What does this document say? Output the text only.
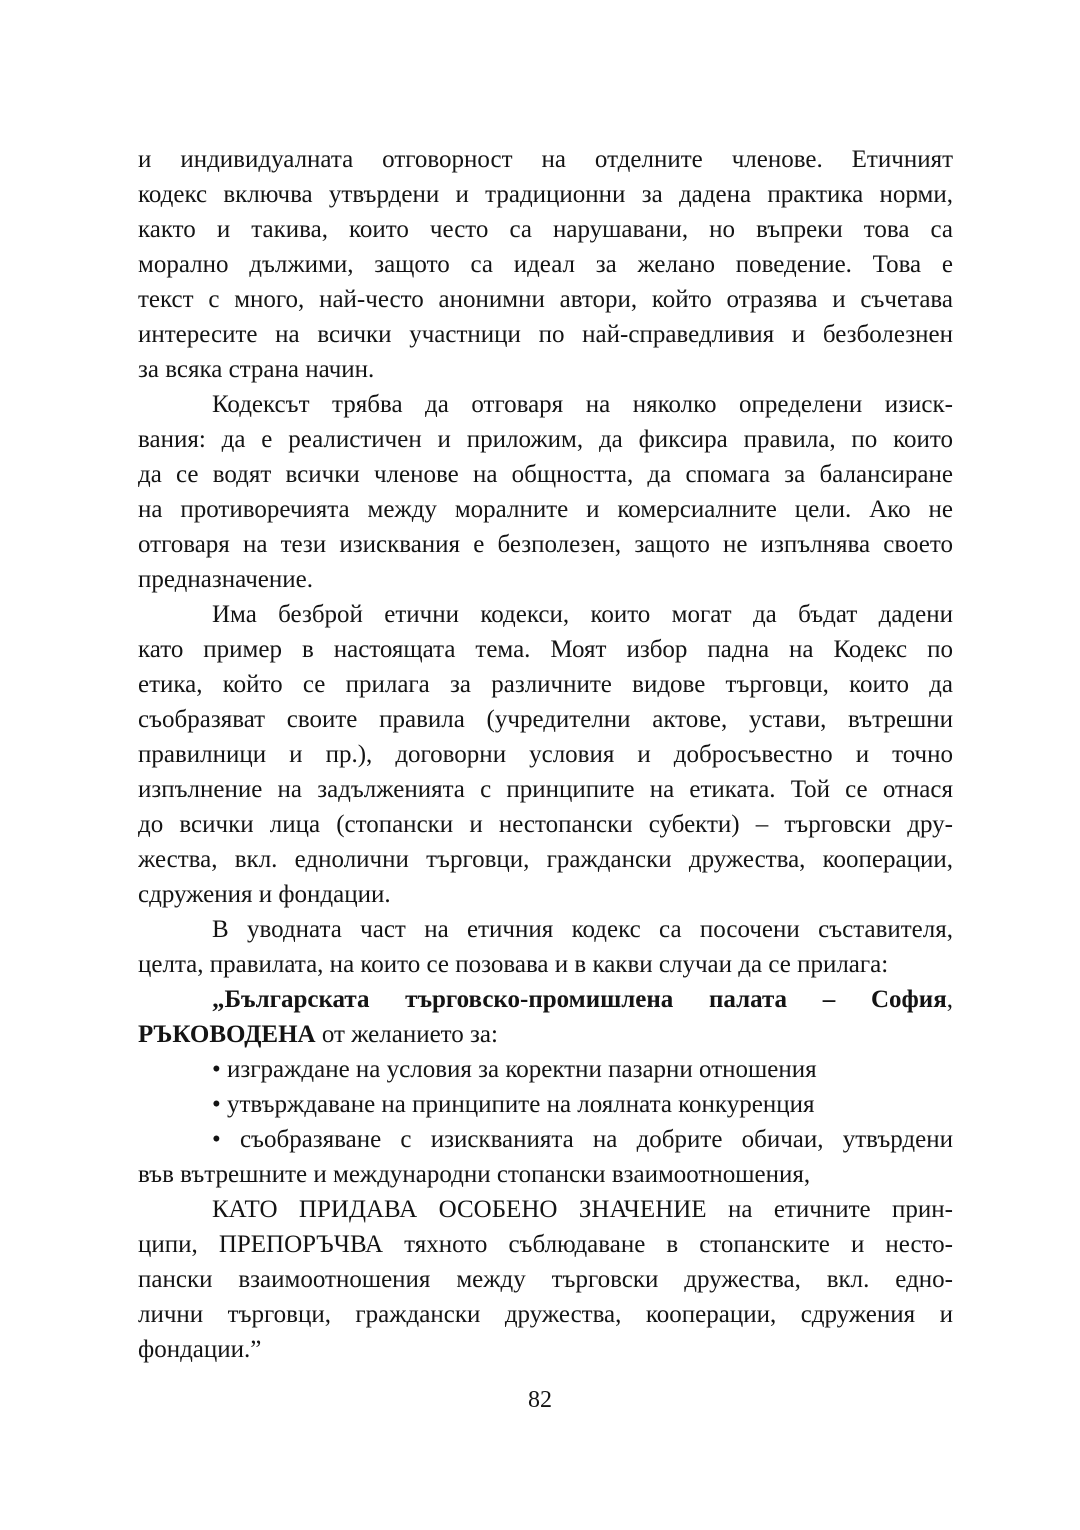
и индивидуалната отговорност на отделните членове. Етичният
кодекс включва утвърдени и традиционни за дадена практика норми,
както и такива, които често са нарушавани, но въпреки това са
морално дължими, защото са идеал за желано поведение. Това е
текст с много, най-често анонимни автори, който отразява и съчетава
интересите на всички участници по най-справедливия и безболезнен
за всяка страна начин.
Кодексът трябва да отговаря на няколко определени изиск-
вания: да е реалистичен и приложим, да фиксира правила, по които
да се водят всички членове на общността, да спомага за балансиране
на противоречията между моралните и комерсиалните цели. Ако не
отговаря на тези изисквания е безполезен, защото не изпълнява своето
предназначение.
Има безброй етични кодекси, които могат да бъдат дадени
като пример в настоящата тема. Моят избор падна на Кодекс по
етика, който се прилага за различните видове търговци, които да
съобразяват своите правила (учредителни актове, устави, вътрешни
правилници и пр.), договорни условия и добросъвестно и точно
изпълнение на задълженията с принципите на етиката. Той се отнася
до всички лица (стопански и нестопански субекти) – търговски дру-
жества, вкл. еднолични търговци, граждански дружества, кооперации,
сдружения и фондации.
В уводната част на етичния кодекс са посочени съставителя,
целта, правилата, на които се позовава и в какви случаи да се прилага:
„Българската търговско-промишлена палата – София,
РЪКОВОДЕНА от желанието за:
• изграждане на условия за коректни пазарни отношения
• утвърждаване на принципите на лоялната конкуренция
• съобразяване с изискванията на добрите обичаи, утвърдени
във вътрешните и международни стопански взаимоотношения,
КАТО ПРИДАВА ОСОБЕНО ЗНАЧЕНИЕ на етичните прин-
ципи, ПРЕПОРЪЧВА тяхното съблюдаване в стопанските и несто-
пански взаимоотношения между търговски дружества, вкл. едно-
лични търговци, граждански дружества, кооперации, сдружения и
фондации.”
82
